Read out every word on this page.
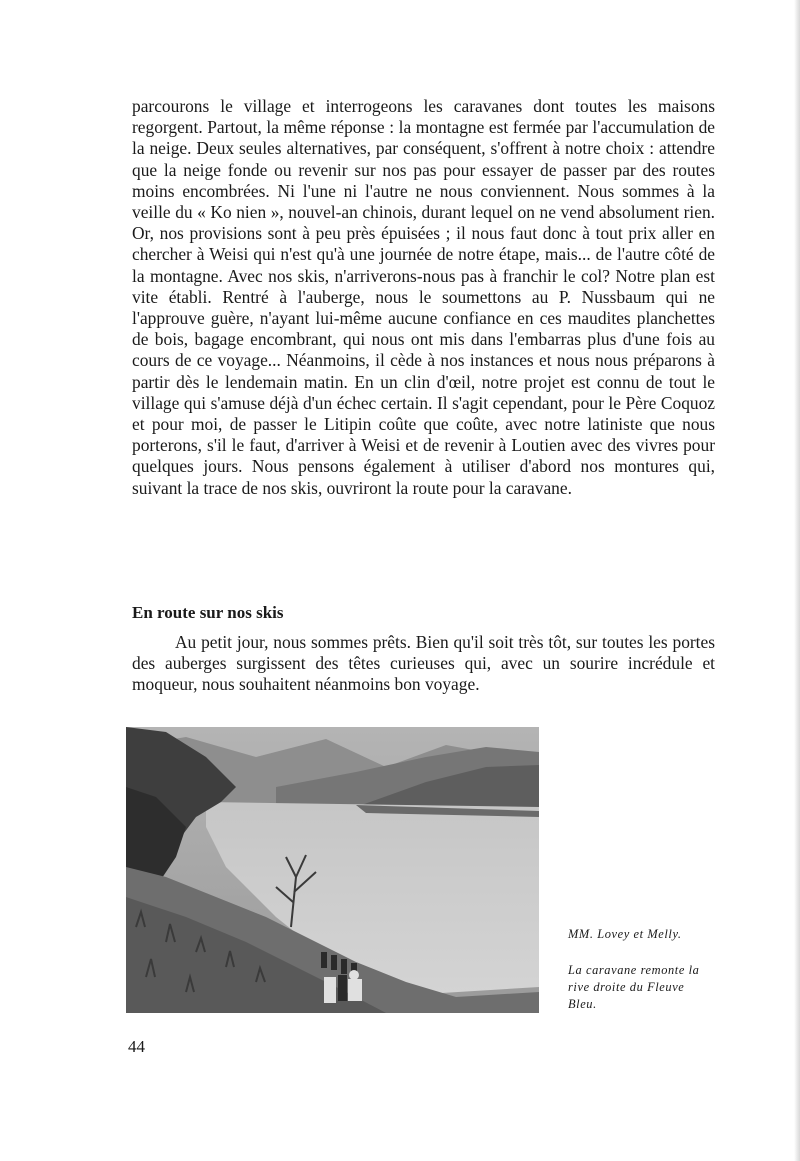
parcourons le village et interrogeons les caravanes dont toutes les maisons regorgent. Partout, la même réponse : la montagne est fermée par l'accumulation de la neige. Deux seules alternatives, par conséquent, s'offrent à notre choix : attendre que la neige fonde ou revenir sur nos pas pour essayer de passer par des routes moins encombrées. Ni l'une ni l'autre ne nous conviennent. Nous sommes à la veille du « Ko nien », nouvel-an chinois, durant lequel on ne vend absolument rien. Or, nos provisions sont à peu près épuisées ; il nous faut donc à tout prix aller en chercher à Weisi qui n'est qu'à une journée de notre étape, mais... de l'autre côté de la montagne. Avec nos skis, n'arriverons-nous pas à franchir le col? Notre plan est vite établi. Rentré à l'auberge, nous le soumettons au P. Nussbaum qui ne l'approuve guère, n'ayant lui-même aucune confiance en ces maudites planchettes de bois, bagage encombrant, qui nous ont mis dans l'embarras plus d'une fois au cours de ce voyage... Néanmoins, il cède à nos instances et nous nous préparons à partir dès le lendemain matin. En un clin d'œil, notre projet est connu de tout le village qui s'amuse déjà d'un échec certain. Il s'agit cependant, pour le Père Coquoz et pour moi, de passer le Litipin coûte que coûte, avec notre latiniste que nous porterons, s'il le faut, d'arriver à Weisi et de revenir à Loutien avec des vivres pour quelques jours. Nous pensons également à utiliser d'abord nos montures qui, suivant la trace de nos skis, ouvriront la route pour la caravane.

En route sur nos skis

Au petit jour, nous sommes prêts. Bien qu'il soit très tôt, sur toutes les portes des auberges surgissent des têtes curieuses qui, avec un sourire incrédule et moqueur, nous souhaitent néanmoins bon voyage.

MM. Lovey et Melly.
La caravane remonte la rive droite du Fleuve Bleu.
44
